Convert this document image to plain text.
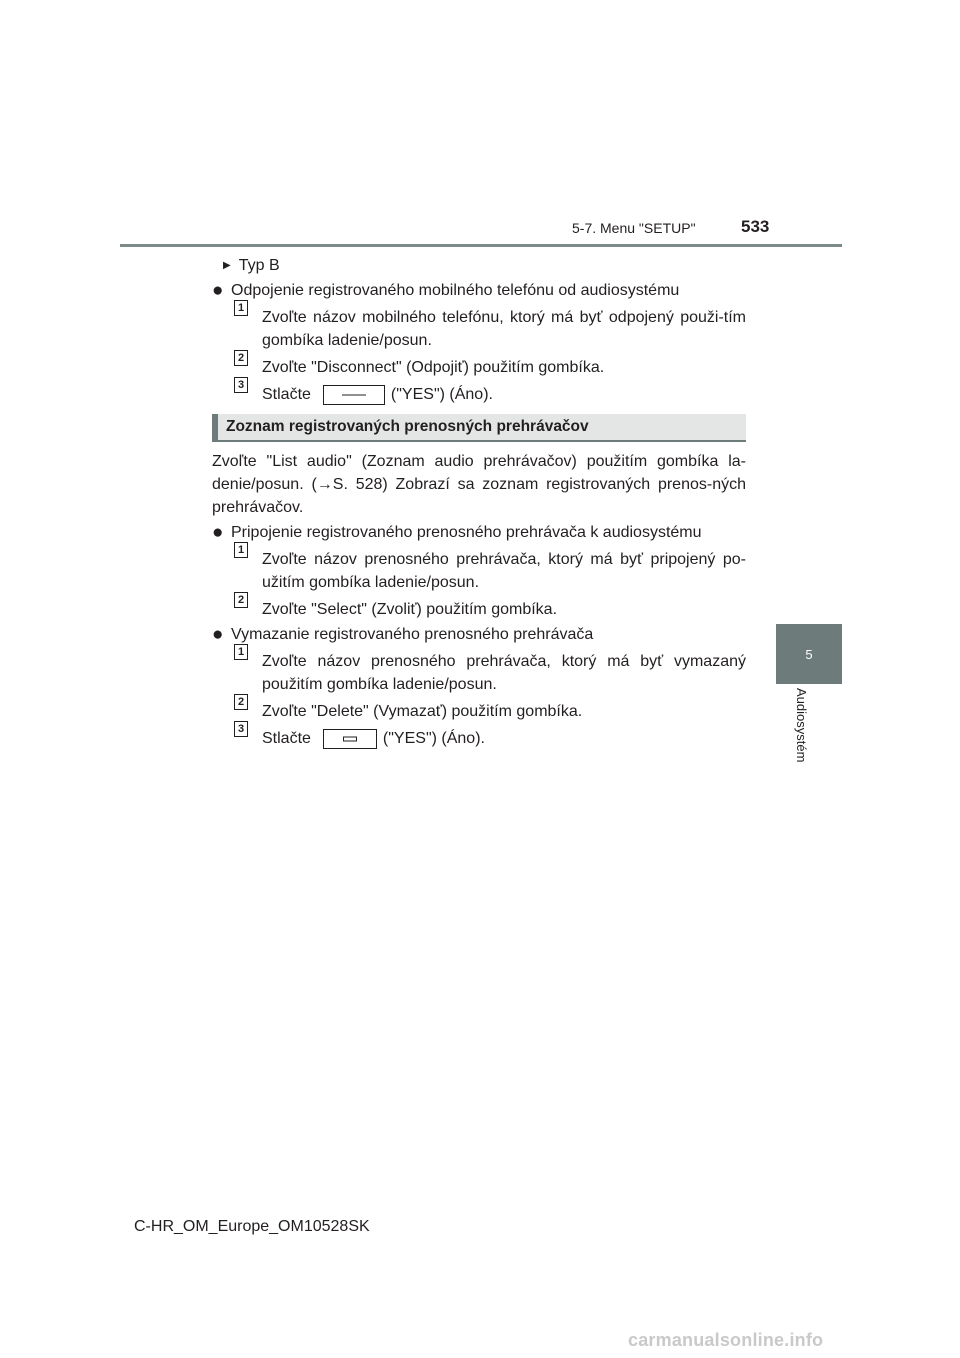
5-7. Menu "SETUP"	533
5
Audiosystém
▶ Typ B
● Odpojenie registrovaného mobilného telefónu od audiosystému
1
Zvoľte názov mobilného telefónu, ktorý má byť odpojený použi-tím gombíka ladenie/posun.
2
Zvoľte "Disconnect" (Odpojiť) použitím gombíka.
3
Stlačte	("YES") (Áno).
Zoznam registrovaných prenosných prehrávačov
Zvoľte "List audio" (Zoznam audio prehrávačov) použitím gombíka la-denie/posun. (→S. 528) Zobrazí sa zoznam registrovaných prenos-ných prehrávačov.
● Pripojenie registrovaného prenosného prehrávača k audiosystému
1
Zvoľte názov prenosného prehrávača, ktorý má byť pripojený po-užitím gombíka ladenie/posun.
2
Zvoľte "Select" (Zvoliť) použitím gombíka.
● Vymazanie registrovaného prenosného prehrávača
1
Zvoľte názov prenosného prehrávača, ktorý má byť vymazaný použitím gombíka ladenie/posun.
2
Zvoľte "Delete" (Vymazať) použitím gombíka.
3
Stlačte	("YES") (Áno).
C-HR_OM_Europe_OM10528SK
carmanualsonline.info
